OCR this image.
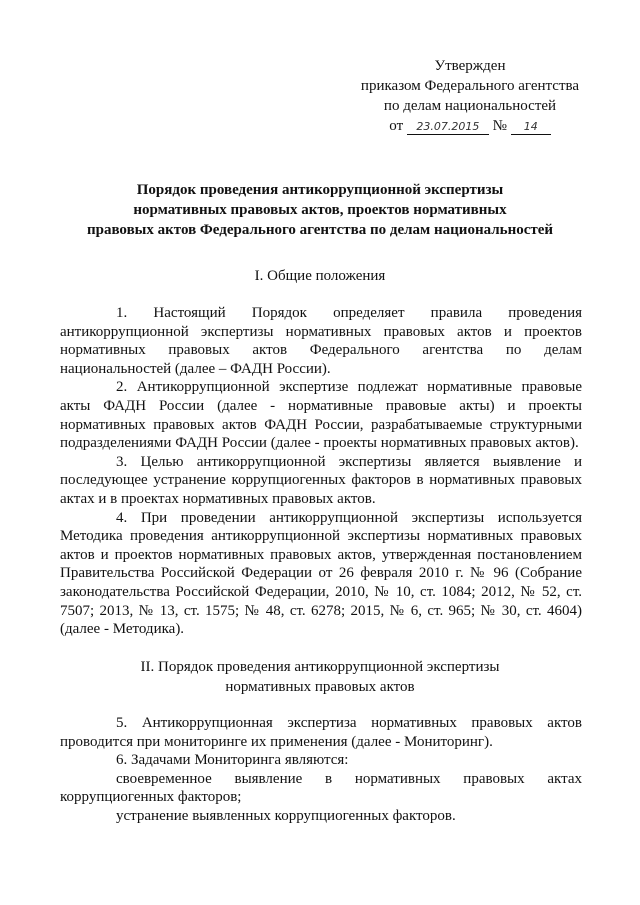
Утвержден
приказом Федерального агентства
по делам национальностей
от 23.07.2015 № 14
Порядок проведения антикоррупционной экспертизы
нормативных правовых актов, проектов нормативных
правовых актов Федерального агентства по делам национальностей
I. Общие положения

1. Настоящий Порядок определяет правила проведения антикоррупционной экспертизы нормативных правовых актов и проектов нормативных правовых актов Федерального агентства по делам национальностей (далее – ФАДН России).

2. Антикоррупционной экспертизе подлежат нормативные правовые акты ФАДН России (далее - нормативные правовые акты) и проекты нормативных правовых актов ФАДН России, разрабатываемые структурными подразделениями ФАДН России (далее - проекты нормативных правовых актов).

3. Целью антикоррупционной экспертизы является выявление и последующее устранение коррупциогенных факторов в нормативных правовых актах и в проектах нормативных правовых актов.

4. При проведении антикоррупционной экспертизы используется Методика проведения антикоррупционной экспертизы нормативных правовых актов и проектов нормативных правовых актов, утвержденная постановлением Правительства Российской Федерации от 26 февраля 2010 г. № 96 (Собрание законодательства Российской Федерации, 2010, № 10, ст. 1084; 2012, № 52, ст. 7507; 2013, № 13, ст. 1575; № 48, ст. 6278; 2015, № 6, ст. 965; № 30, ст. 4604) (далее - Методика).

II. Порядок проведения антикоррупционной экспертизы
нормативных правовых актов

5. Антикоррупционная экспертиза нормативных правовых актов проводится при мониторинге их применения (далее - Мониторинг).

6. Задачами Мониторинга являются:

своевременное выявление в нормативных правовых актах коррупциогенных факторов;

устранение выявленных коррупциогенных факторов.
